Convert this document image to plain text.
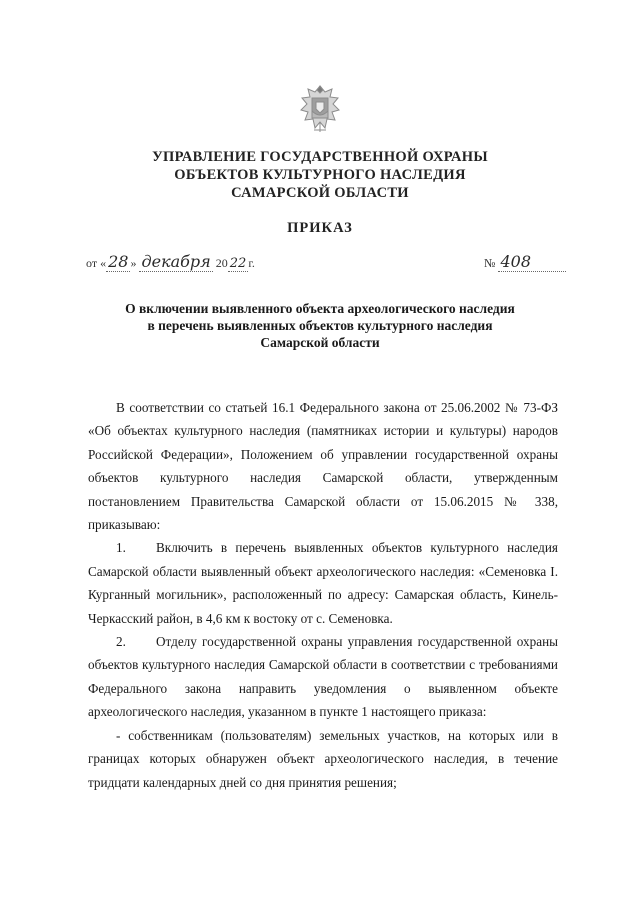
УПРАВЛЕНИЕ ГОСУДАРСТВЕННОЙ ОХРАНЫ
ОБЪЕКТОВ КУЛЬТУРНОГО НАСЛЕДИЯ
САМАРСКОЙ ОБЛАСТИ
ПРИКАЗ
от « 28 » декабря 20 22 г.	№ 408
О включении выявленного объекта археологического наследия
в перечень выявленных объектов культурного наследия
Самарской области

В соответствии со статьей 16.1 Федерального закона от 25.06.2002 № 73-ФЗ «Об объектах культурного наследия (памятниках истории и культуры) народов Российской Федерации», Положением об управлении государственной охраны объектов культурного наследия Самарской области, утвержденным постановлением Правительства Самарской области от 15.06.2015 № 338, приказываю:

1. Включить в перечень выявленных объектов культурного наследия Самарской области выявленный объект археологического наследия: «Семеновка I. Курганный могильник», расположенный по адресу: Самарская область, Кинель-Черкасский район, в 4,6 км к востоку от с. Семеновка.

2. Отделу государственной охраны управления государственной охраны объектов культурного наследия Самарской области в соответствии с требованиями Федерального закона направить уведомления о выявленном объекте археологического наследия, указанном в пункте 1 настоящего приказа:

- собственникам (пользователям) земельных участков, на которых или в границах которых обнаружен объект археологического наследия, в течение тридцати календарных дней со дня принятия решения;
